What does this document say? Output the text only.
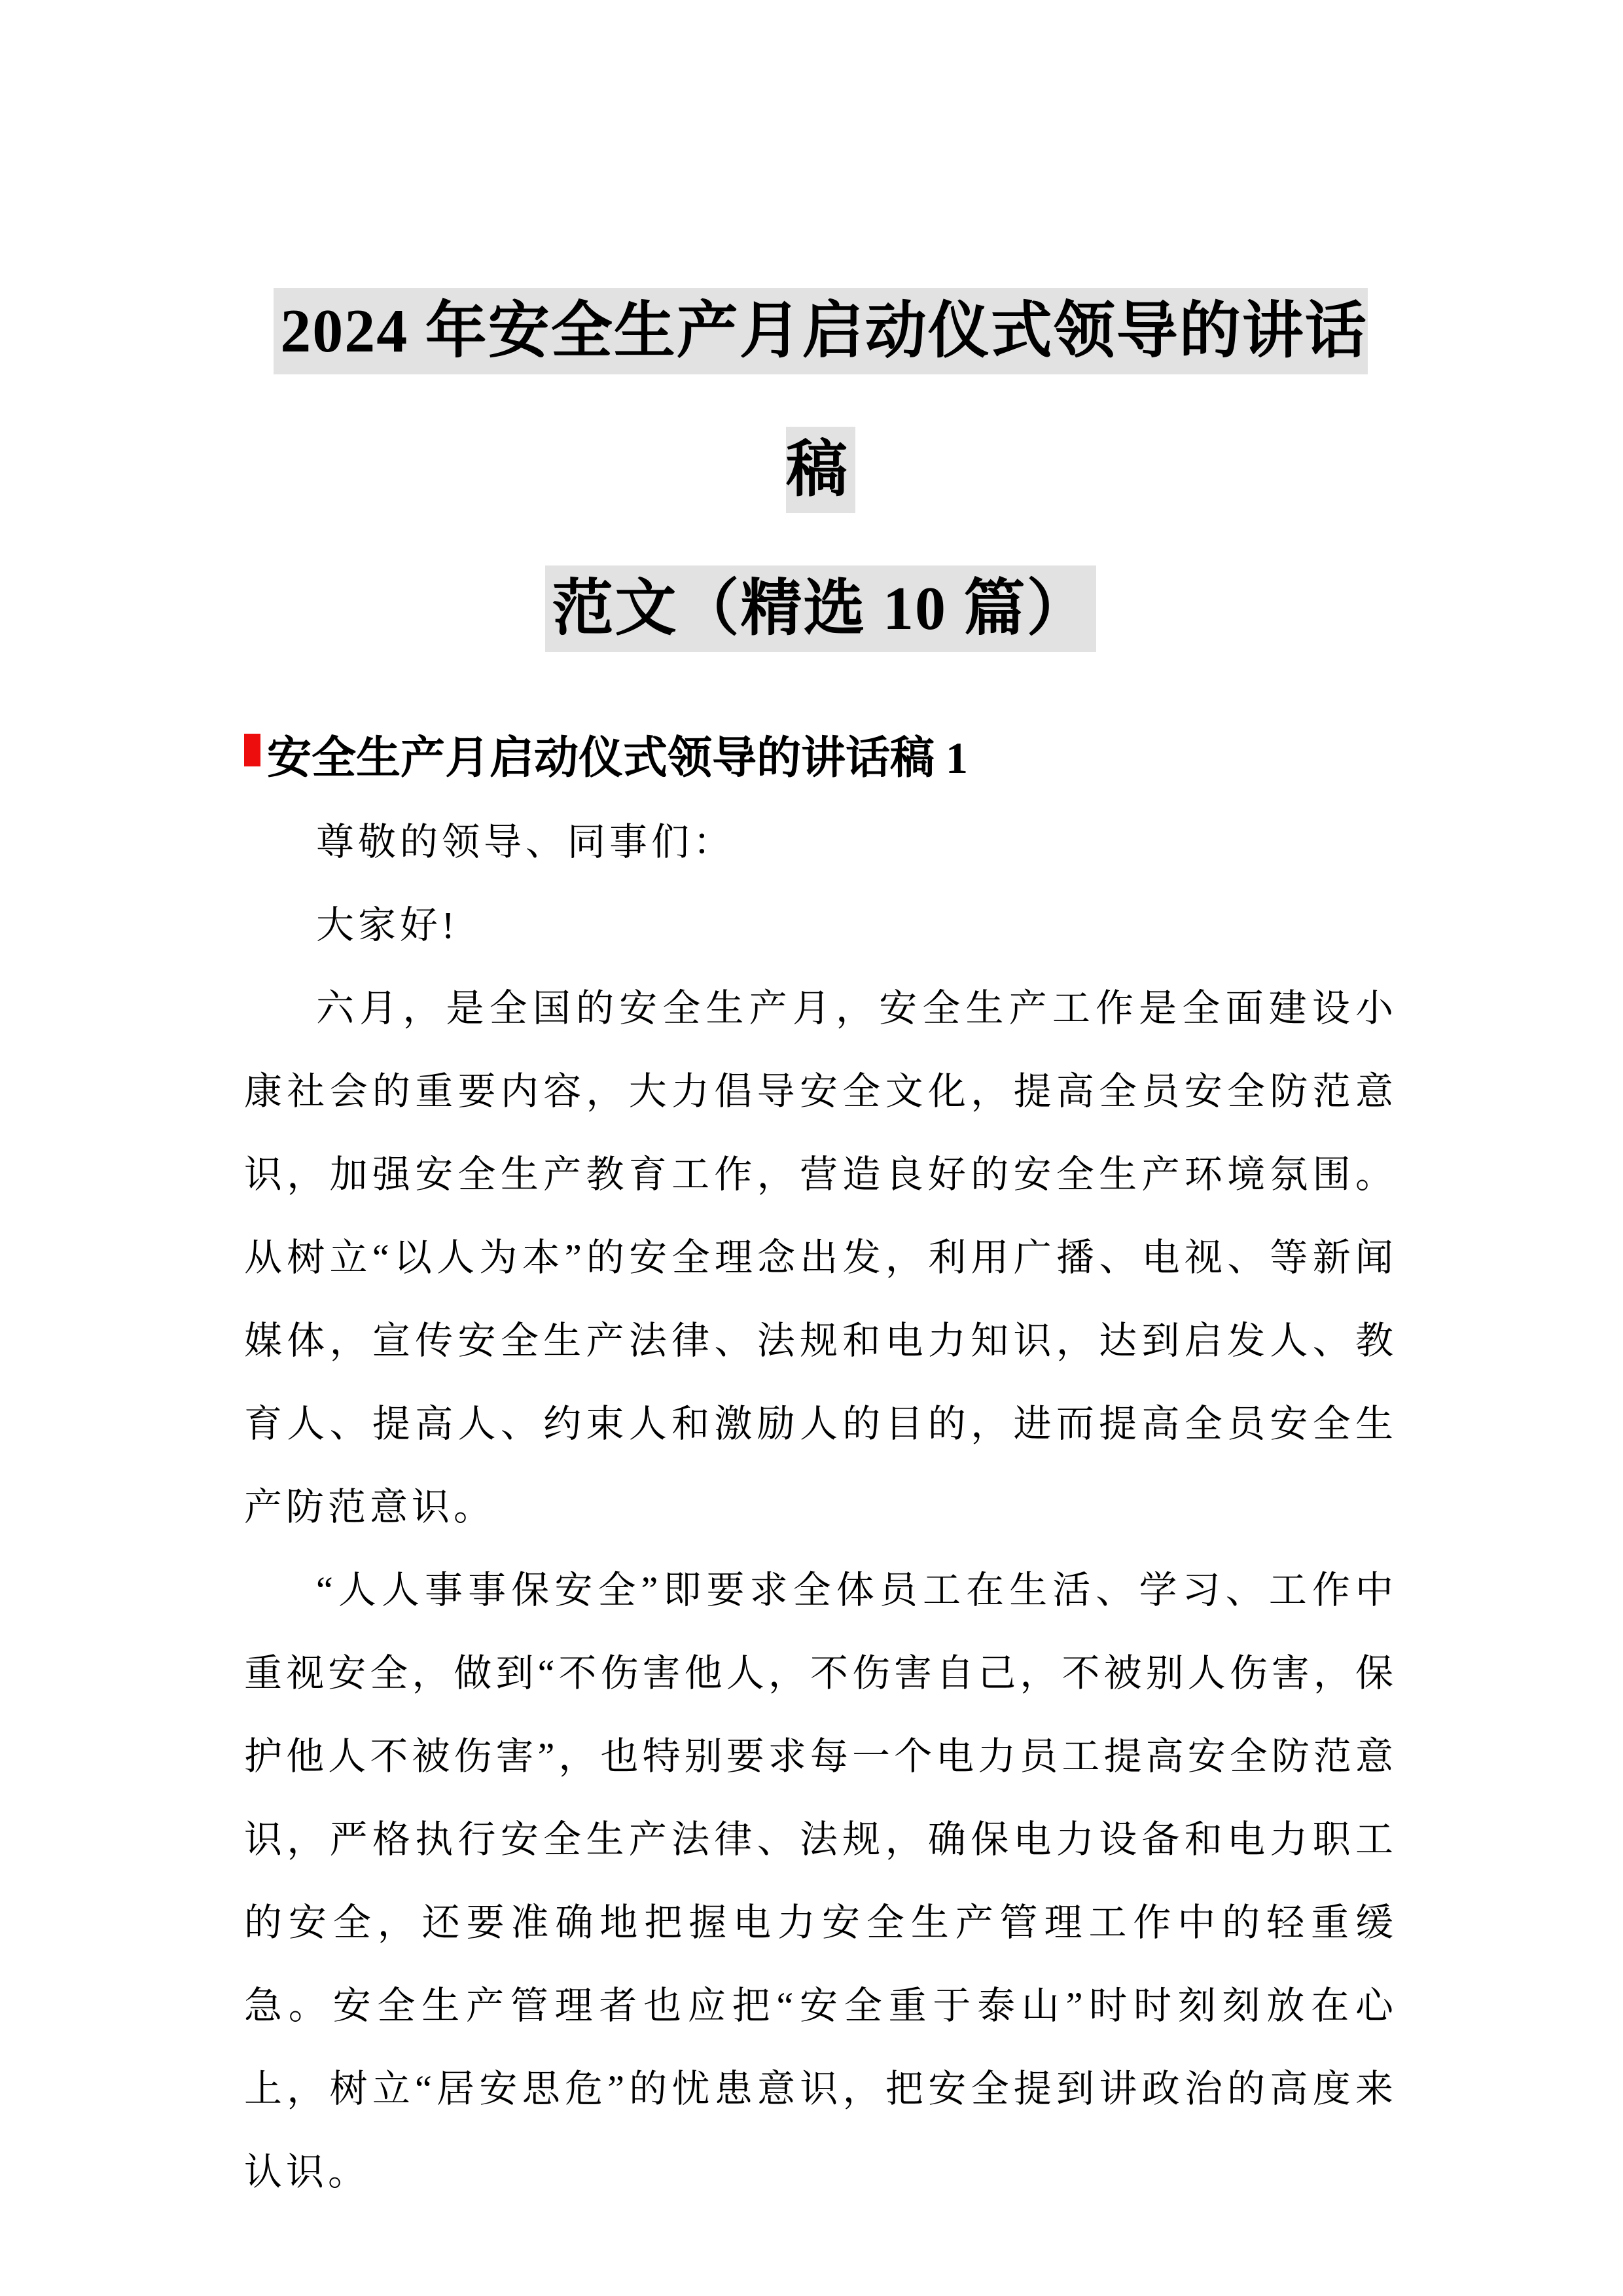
2024 年安全生产月启动仪式领导的讲话稿
范文（精选 10 篇）
安全生产月启动仪式领导的讲话稿 1

尊敬的领导、同事们：

大家好!

六月，是全国的安全生产月，安全生产工作是全面建设小康社会的重要内容，大力倡导安全文化，提高全员安全防范意识，加强安全生产教育工作，营造良好的安全生产环境氛围。从树立“以人为本”的安全理念出发，利用广播、电视、等新闻媒体，宣传安全生产法律、法规和电力知识，达到启发人、教育人、提高人、约束人和激励人的目的，进而提高全员安全生产防范意识。

“人人事事保安全”即要求全体员工在生活、学习、工作中重视安全，做到“不伤害他人，不伤害自己，不被别人伤害，保护他人不被伤害”，也特别要求每一个电力员工提高安全防范意识，严格执行安全生产法律、法规，确保电力设备和电力职工的安全，还要准确地把握电力安全生产管理工作中的轻重缓急。安全生产管理者也应把“安全重于泰山”时时刻刻放在心上，树立“居安思危”的忧患意识，把安全提到讲政治的高度来认识。
